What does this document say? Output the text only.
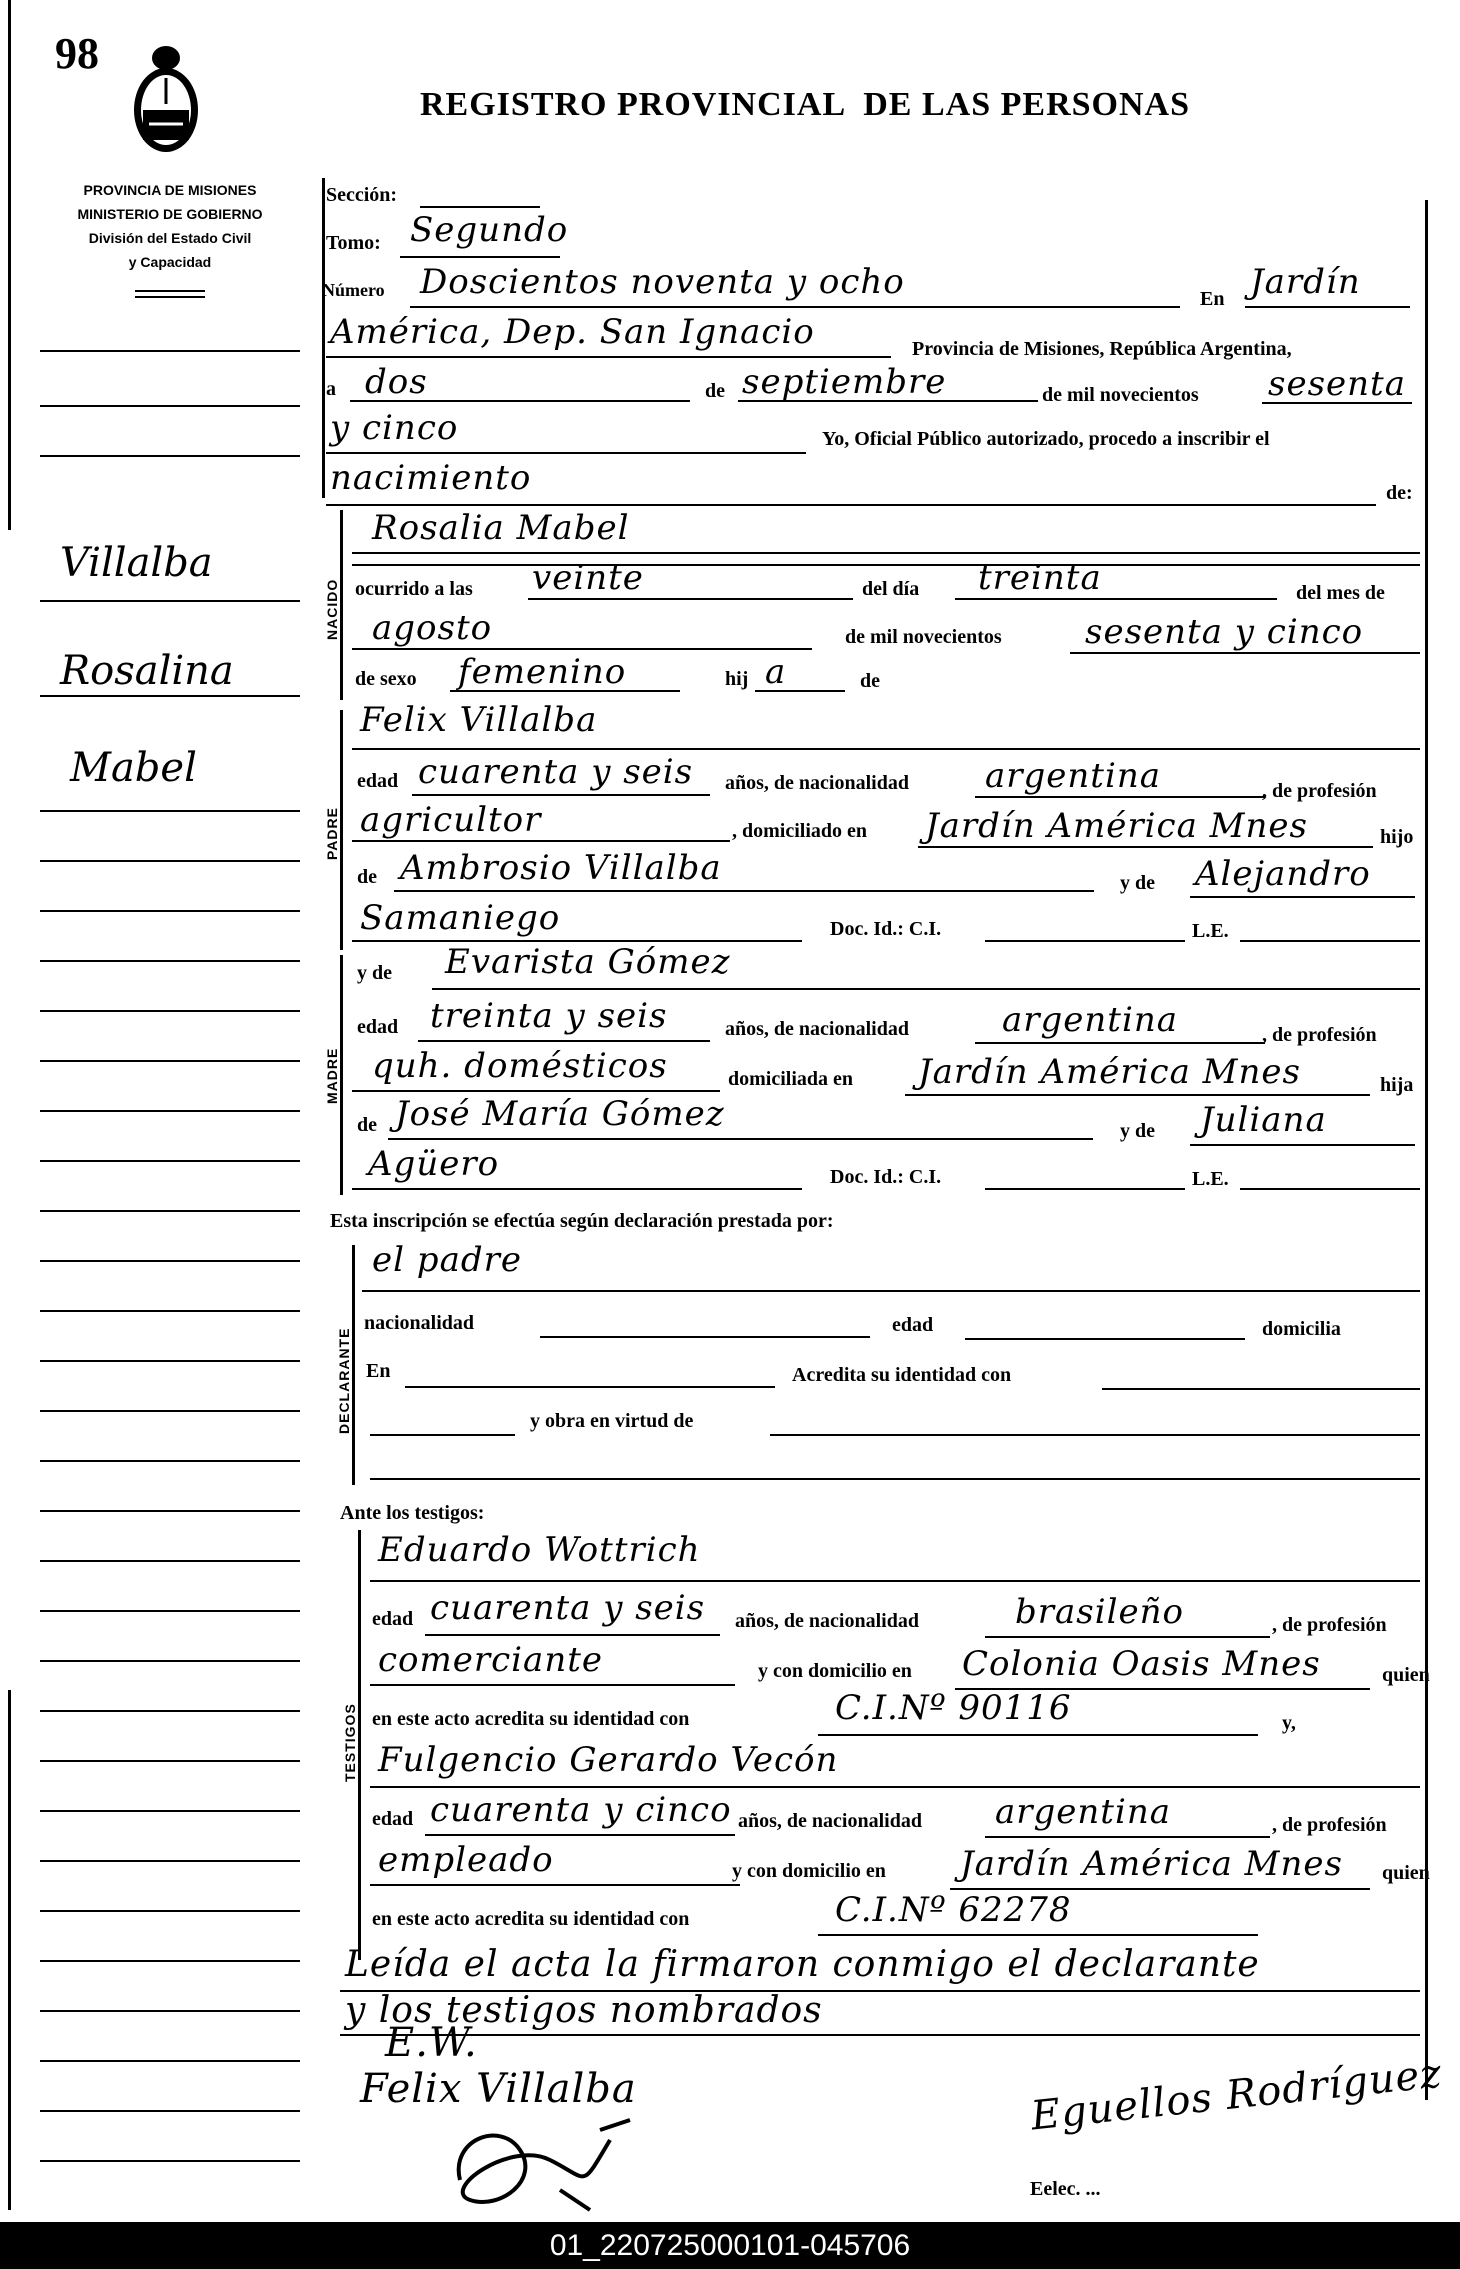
98
REGISTRO PROVINCIAL  DE LAS PERSONAS
PROVINCIA DE MISIONES
MINISTERIO DE GOBIERNO
División del Estado Civil
y Capacidad
Villalba
Rosalina
Mabel
Sección:
Tomo: Segundo
Número Doscientos noventa y ocho	En Jardín
América, Dep. San Ignacio	Provincia de Misiones, República Argentina,
a dos	de septiembre	de mil novecientos sesenta
y cinco	Yo, Oficial Público autorizado, procedo a inscribir el
nacimiento	de:
NACIDO
Rosalia Mabel
ocurrido a las veinte	del día treinta	del mes de
agosto	de mil novecientos sesenta y cinco
de sexo femenino	hij a	de
PADRE
Felix Villalba
edad cuarenta y seis años, de nacionalidad argentina	, de profesión
agricultor	, domiciliado en Jardín América Mnes	hijo
de Ambrosio Villalba	y de Alejandro
Samaniego	Doc. Id.: C.I.	L.E.
MADRE
y de Evarista Gómez
edad treinta y seis	años, de nacionalidad	argentina	, de profesión
quh. domésticos	domiciliada en Jardín América Mnes	hija
de José María Gómez	y de Juliana
Agüero	Doc. Id.: C.I.	L.E.
Esta inscripción se efectúa según declaración prestada por:
DECLARANTE
el padre
nacionalidad	edad	domicilia
En	Acredita su identidad con
y obra en virtud de
Ante los testigos:
TESTIGOS
Eduardo Wottrich
edad cuarenta y seis años, de nacionalidad	brasileño	, de profesión
comerciante	y con domicilio en Colonia Oasis Mnes	quien
en este acto acredita su identidad con	C.I.Nº 90116	y,
Fulgencio Gerardo Vecón
edad cuarenta y cinco años, de nacionalidad argentina	, de profesión
empleado	y con domicilio en Jardín América Mnes quien
en este acto acredita su identidad con	C.I.Nº 62278
Leída el acta la firmaron conmigo el declarante
y los testigos nombrados
E.W.
Felix Villalba	Eguellos Rodríguez
Eelec. ...
01_220725000101-045706
